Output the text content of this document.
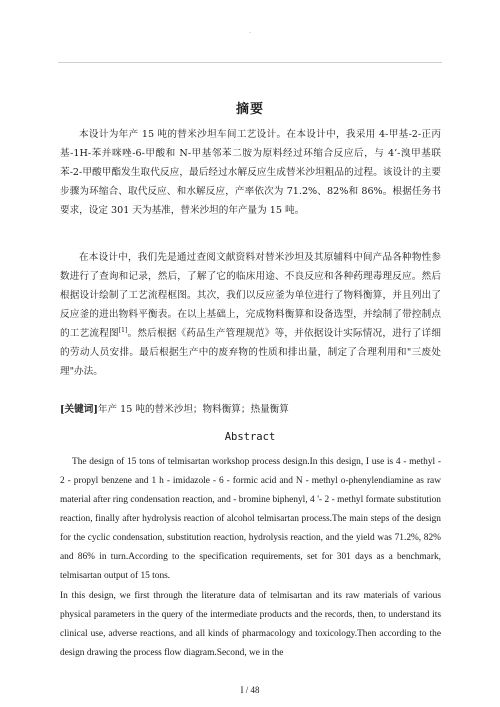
.
摘要

本设计为年产 15 吨的替米沙坦车间工艺设计。在本设计中，我采用 4-甲基-2-正丙基-1H-苯并咪唑-6-甲酸和 N-甲基邻苯二胺为原料经过环缩合反应后，与 4’-溴甲基联苯-2-甲酸甲酯发生取代反应，最后经过水解反应生成替米沙坦粗品的过程。该设计的主要步骤为环缩合、取代反应、和水解反应，产率依次为 71.2%、82%和 86%。根据任务书要求，设定 301 天为基准，替米沙坦的年产量为 15 吨。

在本设计中，我们先是通过查阅文献资料对替米沙坦及其原辅料中间产品各种物性参数进行了查询和记录，然后，了解了它的临床用途、不良反应和各种药理毒理反应。然后根据设计绘制了工艺流程框图。其次，我们以反应釜为单位进行了物料衡算，并且列出了反应釜的进出物料平衡表。在以上基础上，完成物料衡算和设备选型，并绘制了带控制点的工艺流程图[1]。然后根据《药品生产管理规范》等，并依据设计实际情况，进行了详细的劳动人员安排。最后根据生产中的废弃物的性质和排出量，制定了合理利用和"三废处理"办法。

[关键词]年产 15 吨的替米沙坦；物料衡算；热量衡算
Abstract

The design of 15 tons of telmisartan workshop process design.In this design, I use is 4 - methyl - 2 - propyl benzene and 1 h - imidazole - 6 - formic acid and N - methyl o-phenylendiamine as raw material after ring condensation reaction, and - bromine biphenyl, 4 '- 2 - methyl formate substitution reaction, finally after hydrolysis reaction of alcohol telmisartan process.The main steps of the design for the cyclic condensation, substitution reaction, hydrolysis reaction, and the yield was 71.2%, 82% and 86% in turn.According to the specification requirements, set for 301 days as a benchmark, telmisartan output of 15 tons.

In this design, we first through the literature data of telmisartan and its raw materials of various physical parameters in the query of the intermediate products and the records, then, to understand its clinical use, adverse reactions, and all kinds of pharmacology and toxicology.Then according to the design drawing the process flow diagram.Second, we in the

I / 48
